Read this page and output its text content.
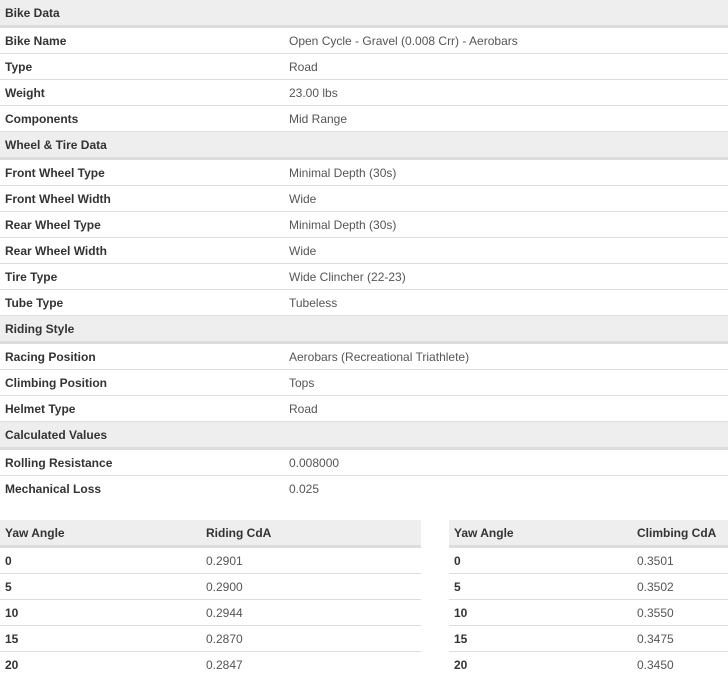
Bike Data	
Bike Name	Open Cycle - Gravel (0.008 Crr) - Aerobars
Type	Road
Weight	23.00 lbs
Components	Mid Range
Wheel & Tire Data	
Front Wheel Type	Minimal Depth (30s)
Front Wheel Width	Wide
Rear Wheel Type	Minimal Depth (30s)
Rear Wheel Width	Wide
Tire Type	Wide Clincher (22-23)
Tube Type	Tubeless
Riding Style	
Racing Position	Aerobars (Recreational Triathlete)
Climbing Position	Tops
Helmet Type	Road
Calculated Values	
Rolling Resistance	0.008000
Mechanical Loss	0.025
Yaw Angle	Riding CdA
0	0.2901
5	0.2900
10	0.2944
15	0.2870
20	0.2847
Yaw Angle	Climbing CdA
0	0.3501
5	0.3502
10	0.3550
15	0.3475
20	0.3450
